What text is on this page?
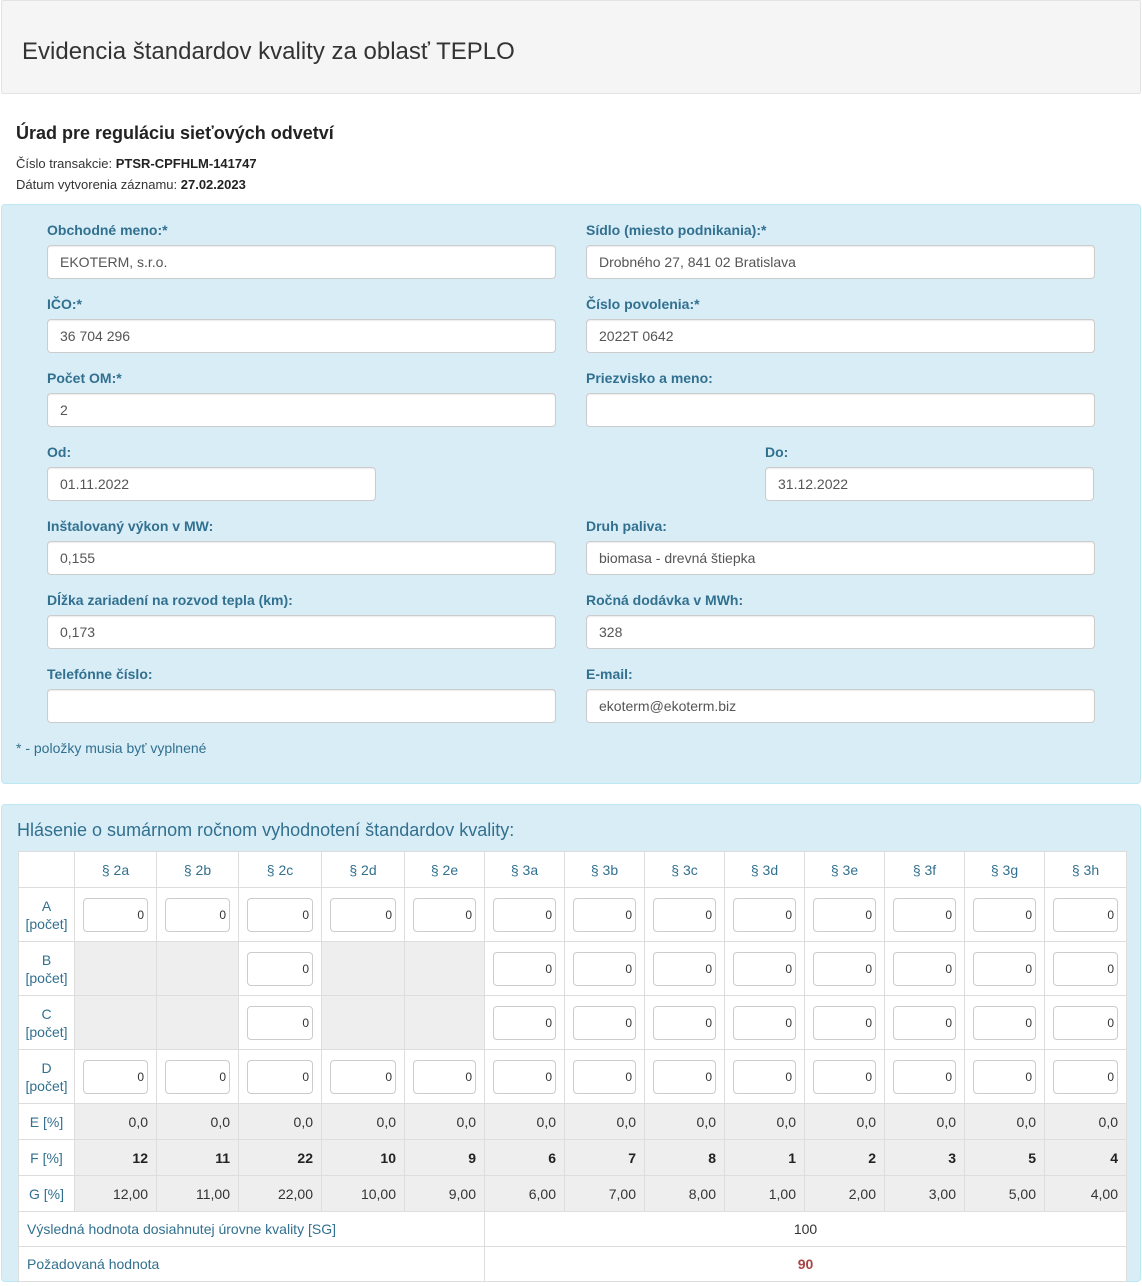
Evidencia štandardov kvality za oblasť TEPLO
Úrad pre reguláciu sieťových odvetví
Číslo transakcie: PTSR-CPFHLM-141747
Dátum vytvorenia záznamu: 27.02.2023
Obchodné meno:*
EKOTERM, s.r.o.
Sídlo (miesto podnikania):*
Drobného 27, 841 02 Bratislava
IČO:*
36 704 296
Číslo povolenia:*
2022T 0642
Počet OM:*
2
Priezvisko a meno:
Od:
01.11.2022
Do:
31.12.2022
Inštalovaný výkon v MW:
0,155
Druh paliva:
biomasa - drevná štiepka
Dĺžka zariadení na rozvod tepla (km):
0,173
Ročná dodávka v MWh:
328
Telefónne číslo:	E-mail:
ekoterm@ekoterm.biz
* - položky musia byť vyplnené
Hlásenie o sumárnom ročnom vyhodnotení štandardov kvality:
	§ 2a	§ 2b	§ 2c	§ 2d	§ 2e	§ 3a	§ 3b	§ 3c	§ 3d	§ 3e	§ 3f	§ 3g	§ 3h

A
[počet]	0	0	0	0	0	0	0	0	0	0	0	0	0

B
[počet]			0			0	0	0	0	0	0	0	0

C
[počet]			0			0	0	0	0	0	0	0	0

D
[počet]	0	0	0	0	0	0	0	0	0	0	0	0	0

E [%]	0,0	0,0	0,0	0,0	0,0	0,0	0,0	0,0	0,0	0,0	0,0	0,0	0,0
F [%]	12	11	22	10	9	6	7	8	1	2	3	5	4
G [%]	12,00	11,00	22,00	10,00	9,00	6,00	7,00	8,00	1,00	2,00	3,00	5,00	4,00
Výsledná hodnota dosiahnutej úrovne kvality [SG]						100							
Požadovaná hodnota						90							
